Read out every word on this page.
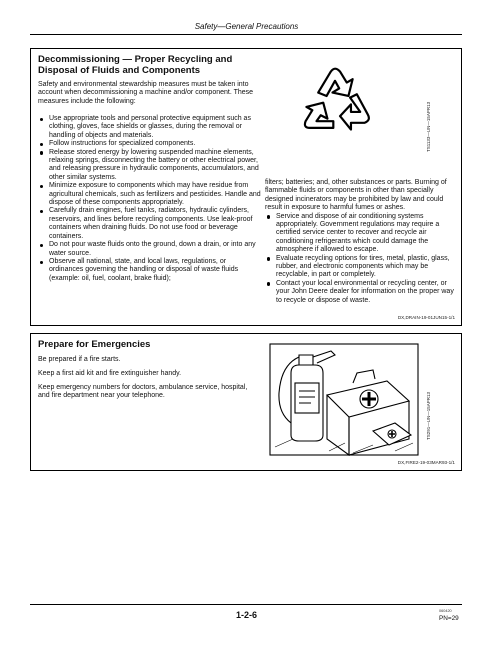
Safety—General Precautions
Decommissioning — Proper Recycling and Disposal of Fluids and Components
Safety and environmental stewardship measures must be taken into account when decommissioning a machine and/or component. These measures include the following:
Use appropriate tools and personal protective equipment such as clothing, gloves, face shields or glasses, during the removal or handling of objects and materials.
Follow instructions for specialized components.
Release stored energy by lowering suspended machine elements, relaxing springs, disconnecting the battery or other electrical power, and releasing pressure in hydraulic components, accumulators, and other similar systems.
Minimize exposure to components which may have residue from agricultural chemicals, such as fertilizers and pesticides. Handle and dispose of these components appropriately.
Carefully drain engines, fuel tanks, radiators, hydraulic cylinders, reservoirs, and lines before recycling components. Use leak-proof containers when draining fluids. Do not use food or beverage containers.
Do not pour waste fluids onto the ground, down a drain, or into any water source.
Observe all national, state, and local laws, regulations, or ordinances governing the handling or disposal of waste fluids (example: oil, fuel, coolant, brake fluid);
filters; batteries; and, other substances or parts. Burning of flammable fluids or components in other than specially designed incinerators may be prohibited by law and could result in exposure to harmful fumes or ashes.
Service and dispose of air conditioning systems appropriately. Government regulations may require a certified service center to recover and recycle air conditioning refrigerants which could damage the atmosphere if allowed to escape.
Evaluate recycling options for tires, metal, plastic, glass, rubber, and electronic components which may be recyclable, in part or completely.
Contact your local environmental or recycling center, or your John Deere dealer for information on the proper way to recycle or dispose of waste.
TS1133—UN—15APR13
DX,DRAIN-19-01JUN15-1/1
Prepare for Emergencies
Be prepared if a fire starts.
Keep a first aid kit and fire extinguisher handy.
Keep emergency numbers for doctors, ambulance service, hospital, and fire department near your telephone.	TS291—UN—15APR13
DX,FIRE2-19-03MAR93-1/1
1-2-6	060420
PN=29
